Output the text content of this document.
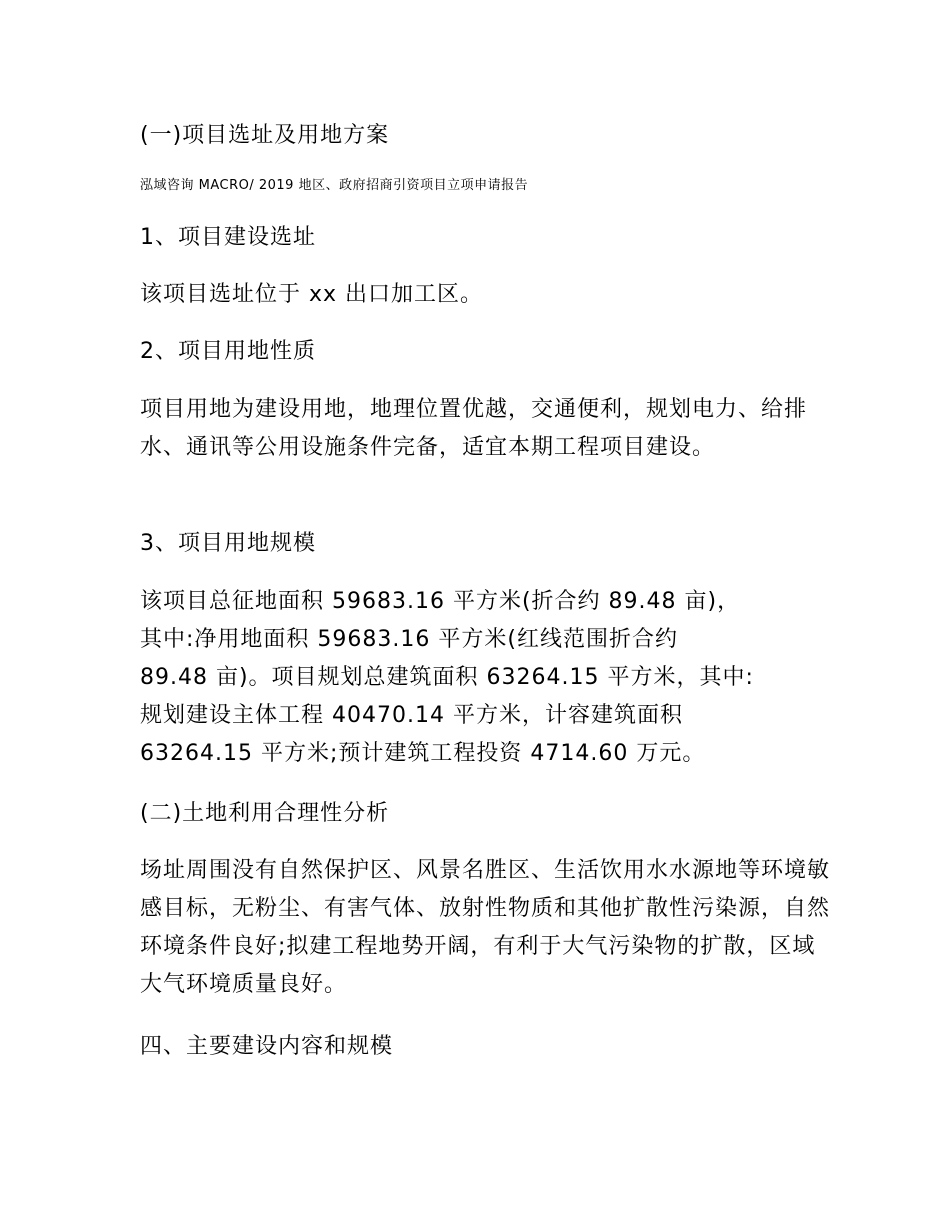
(一)项目选址及用地方案

泓域咨询 MACRO/ 2019 地区、政府招商引资项目立项申请报告

1、项目建设选址

该项目选址位于 xx 出口加工区。

2、项目用地性质

项目用地为建设用地，地理位置优越，交通便利，规划电力、给排水、通讯等公用设施条件完备，适宜本期工程项目建设。

3、项目用地规模

该项目总征地面积 59683.16 平方米(折合约 89.48 亩)，
其中:净用地面积 59683.16 平方米(红线范围折合约
89.48 亩)。项目规划总建筑面积 63264.15 平方米，其中:
规划建设主体工程 40470.14 平方米，计容建筑面积
63264.15 平方米;预计建筑工程投资 4714.60 万元。

(二)土地利用合理性分析

场址周围没有自然保护区、风景名胜区、生活饮用水水源地等环境敏感目标，无粉尘、有害气体、放射性物质和其他扩散性污染源，自然环境条件良好;拟建工程地势开阔，有利于大气污染物的扩散，区域大气环境质量良好。

四、主要建设内容和规模
